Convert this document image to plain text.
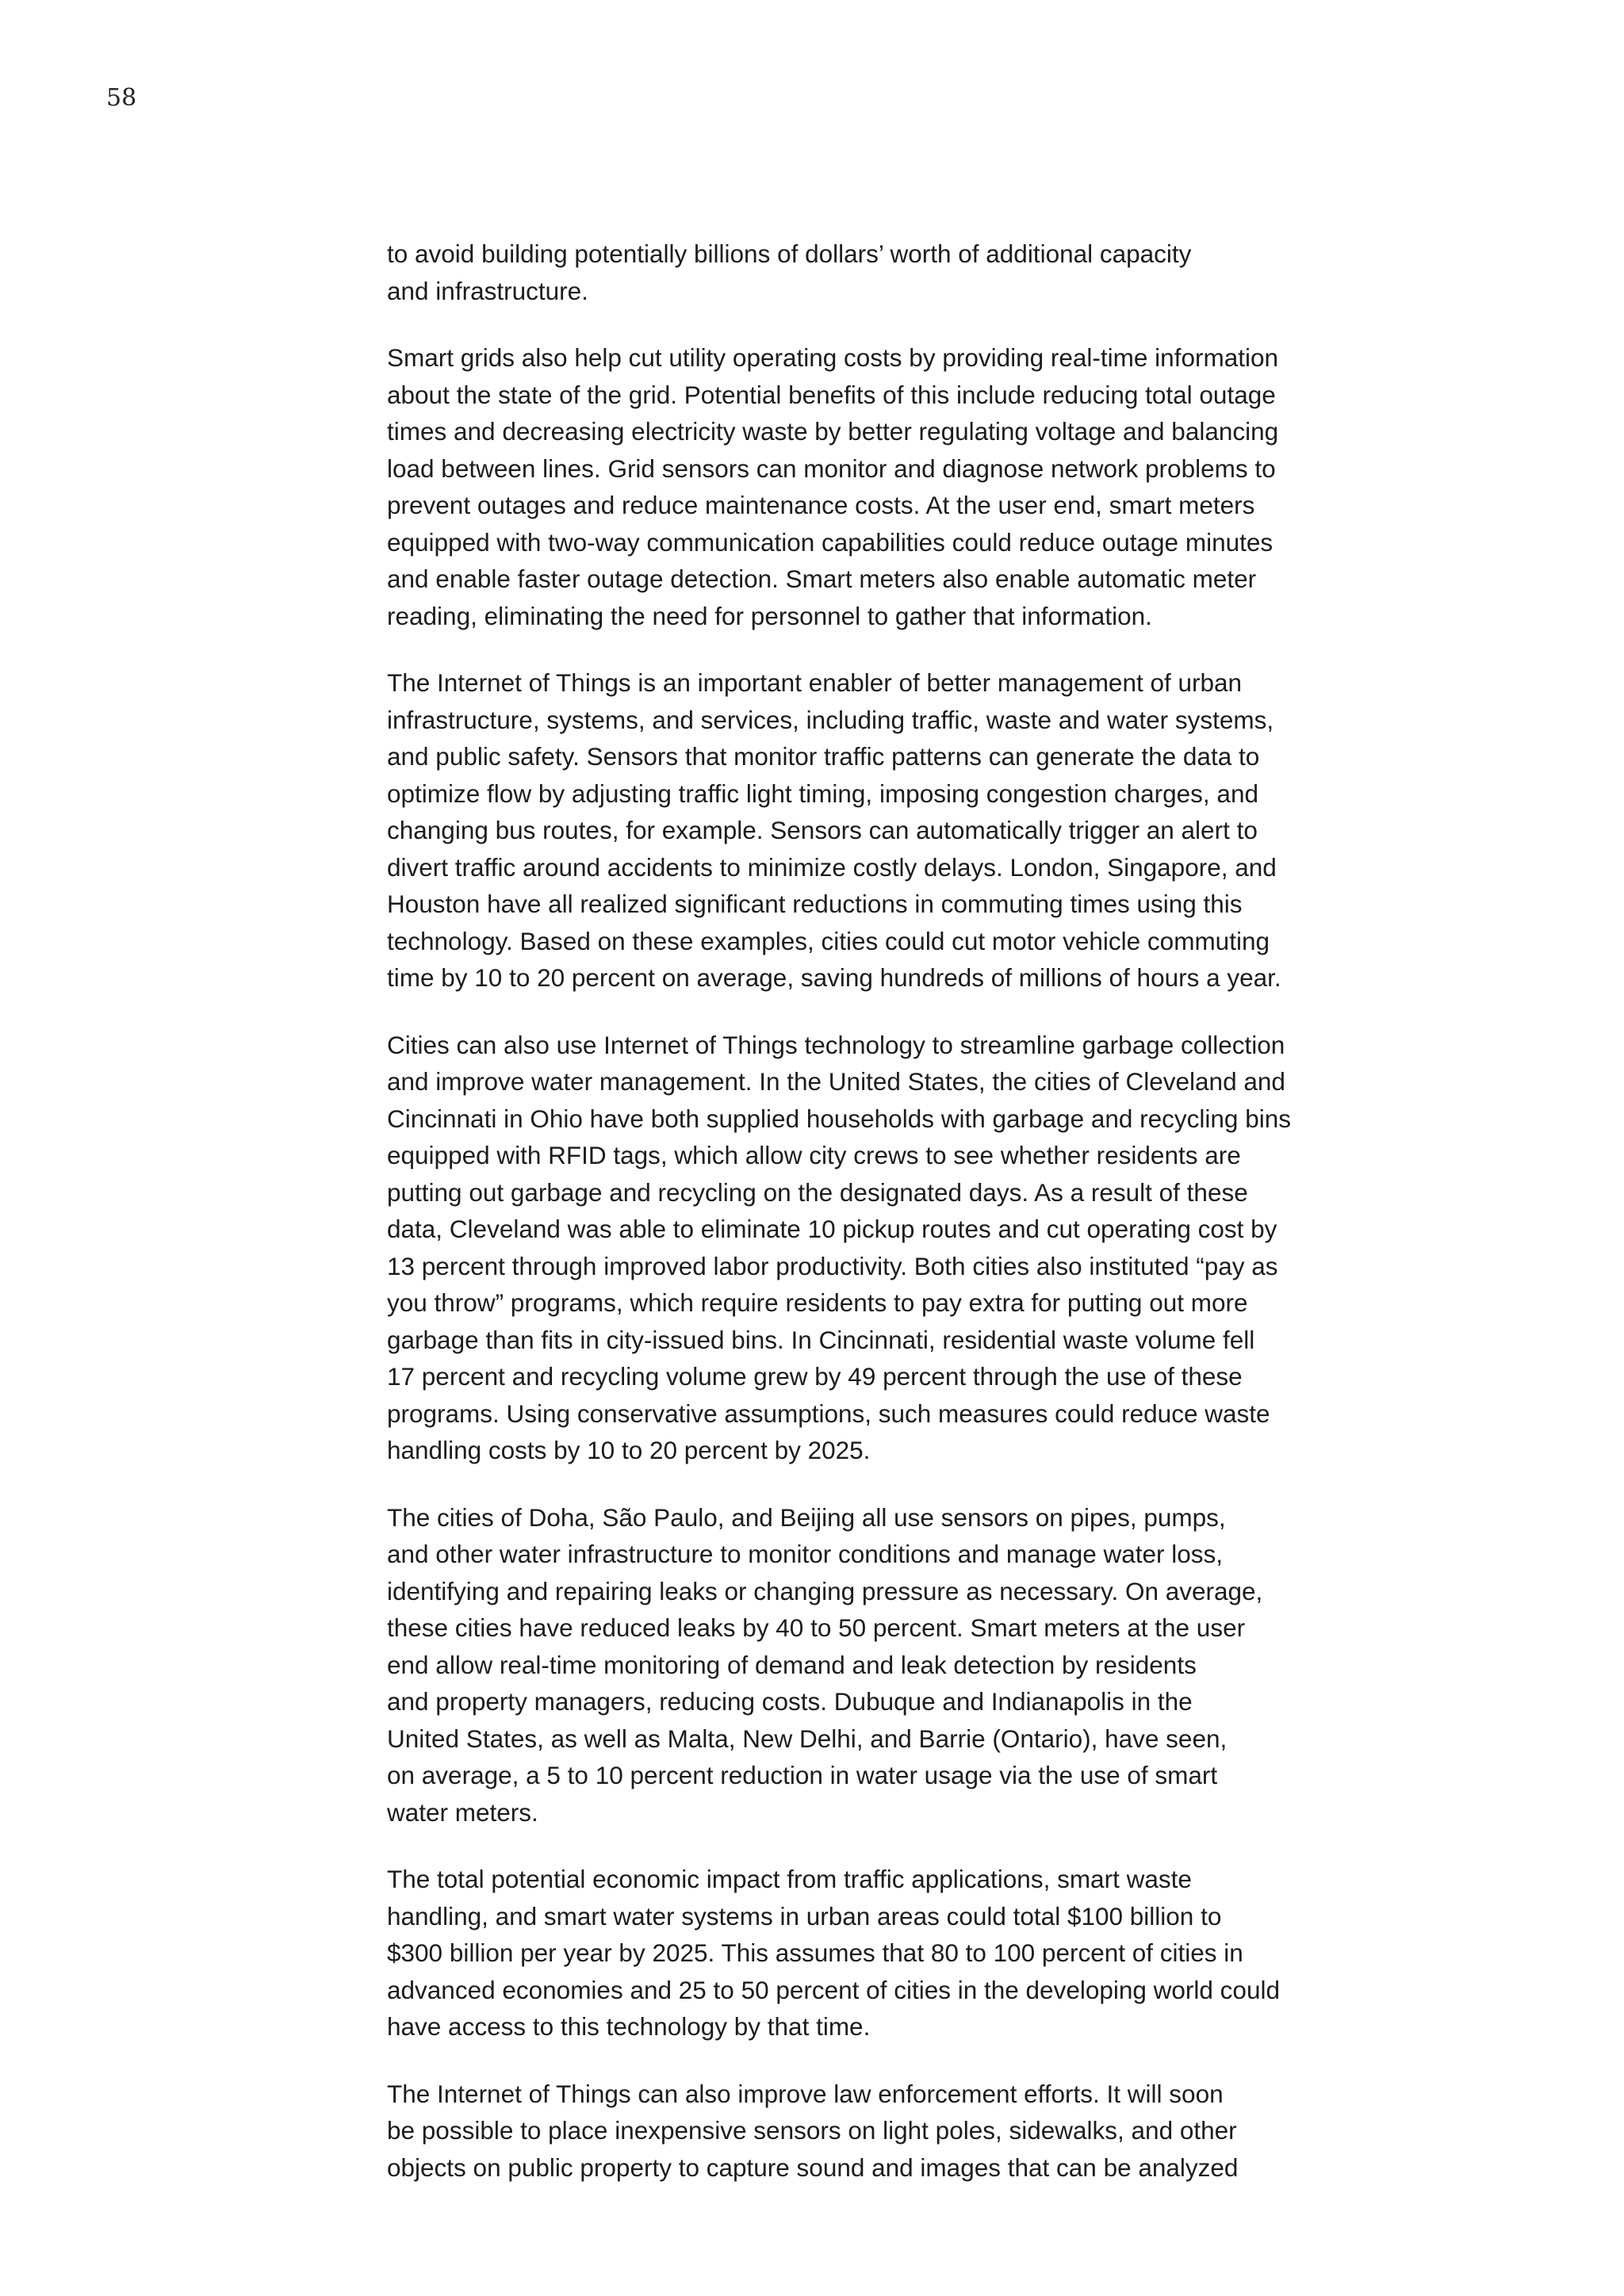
58

to avoid building potentially billions of dollars’ worth of additional capacity
and infrastructure.

Smart grids also help cut utility operating costs by providing real-time information
about the state of the grid. Potential benefits of this include reducing total outage
times and decreasing electricity waste by better regulating voltage and balancing
load between lines. Grid sensors can monitor and diagnose network problems to
prevent outages and reduce maintenance costs. At the user end, smart meters
equipped with two-way communication capabilities could reduce outage minutes
and enable faster outage detection. Smart meters also enable automatic meter
reading, eliminating the need for personnel to gather that information.

The Internet of Things is an important enabler of better management of urban
infrastructure, systems, and services, including traffic, waste and water systems,
and public safety. Sensors that monitor traffic patterns can generate the data to
optimize flow by adjusting traffic light timing, imposing congestion charges, and
changing bus routes, for example. Sensors can automatically trigger an alert to
divert traffic around accidents to minimize costly delays. London, Singapore, and
Houston have all realized significant reductions in commuting times using this
technology. Based on these examples, cities could cut motor vehicle commuting
time by 10 to 20 percent on average, saving hundreds of millions of hours a year.

Cities can also use Internet of Things technology to streamline garbage collection
and improve water management. In the United States, the cities of Cleveland and
Cincinnati in Ohio have both supplied households with garbage and recycling bins
equipped with RFID tags, which allow city crews to see whether residents are
putting out garbage and recycling on the designated days. As a result of these
data, Cleveland was able to eliminate 10 pickup routes and cut operating cost by
13 percent through improved labor productivity. Both cities also instituted “pay as
you throw” programs, which require residents to pay extra for putting out more
garbage than fits in city-issued bins. In Cincinnati, residential waste volume fell
17 percent and recycling volume grew by 49 percent through the use of these
programs. Using conservative assumptions, such measures could reduce waste
handling costs by 10 to 20 percent by 2025.

The cities of Doha, São Paulo, and Beijing all use sensors on pipes, pumps,
and other water infrastructure to monitor conditions and manage water loss,
identifying and repairing leaks or changing pressure as necessary. On average,
these cities have reduced leaks by 40 to 50 percent. Smart meters at the user
end allow real-time monitoring of demand and leak detection by residents
and property managers, reducing costs. Dubuque and Indianapolis in the
United States, as well as Malta, New Delhi, and Barrie (Ontario), have seen,
on average, a 5 to 10 percent reduction in water usage via the use of smart
water meters.

The total potential economic impact from traffic applications, smart waste
handling, and smart water systems in urban areas could total $100 billion to
$300 billion per year by 2025. This assumes that 80 to 100 percent of cities in
advanced economies and 25 to 50 percent of cities in the developing world could
have access to this technology by that time.

The Internet of Things can also improve law enforcement efforts. It will soon
be possible to place inexpensive sensors on light poles, sidewalks, and other
objects on public property to capture sound and images that can be analyzed
